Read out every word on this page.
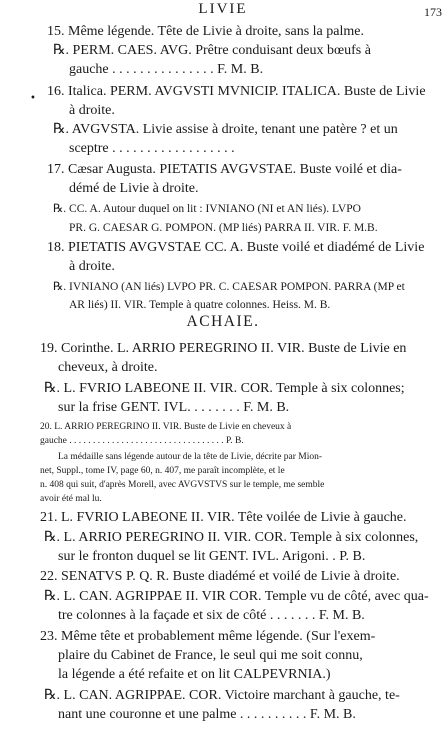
LIVIE	173
•
15. Même légende. Tête de Livie à droite, sans la palme.
℞. PERM. CAES. AVG. Prêtre conduisant deux bœufs à
gauche . . . . . . . . . . . . . . . F. M. B.
16. Italica. PERM. AVGVSTI MVNICIP. ITALICA. Buste de Livie
à droite.
℞. AVGVSTA. Livie assise à droite, tenant une patère ? et un
sceptre . . . . . . . . . . . . . . . . . .
17. Cæsar Augusta. PIETATIS AVGVSTAE. Buste voilé et dia-
démé de Livie à droite.
℞. CC. A. Autour duquel on lit : IVNIANO (NI et AN liés). LVPO
PR. G. CAESAR G. POMPON. (MP liés) PARRA II. VIR. F. M.B.
18. PIETATIS AVGVSTAE CC. A. Buste voilé et diadémé de Livie
à droite.
℞. IVNIANO (AN liés) LVPO PR. C. CAESAR POMPON. PARRA (MP et
AR liés) II. VIR. Temple à quatre colonnes. Heiss. M. B.
ACHAIE.
19. Corinthe. L. ARRIO PEREGRINO II. VIR. Buste de Livie en
cheveux, à droite.
℞. L. FVRIO LABEONE II. VIR. COR. Temple à six colonnes;
sur la frise GENT. IVL. . . . . . . . F. M. B.
20. L. ARRIO PEREGRINO II. VIR. Buste de Livie en cheveux à
gauche . . . . . . . . . . . . . . . . . . . . . . . . . . . . . . . . . P. B.
La médaille sans légende autour de la tête de Livie, décrite par Mion-
net, Suppl., tome IV, page 60, n. 407, me paraît incomplète, et le
n. 408 qui suit, d'après Morell, avec AVGVSTVS sur le temple, me semble
avoir été mal lu.
21. L. FVRIO LABEONE II. VIR. Tête voilée de Livie à gauche.
℞. L. ARRIO PEREGRINO II. VIR. COR. Temple à six colonnes,
sur le fronton duquel se lit GENT. IVL. Arigoni. . P. B.
22. SENATVS P. Q. R. Buste diadémé et voilé de Livie à droite.
℞. L. CAN. AGRIPPAE II. VIR COR. Temple vu de côté, avec qua-
tre colonnes à la façade et six de côté . . . . . . . F. M. B.
23. Même tête et probablement même légende. (Sur l'exem-
plaire du Cabinet de France, le seul qui me soit connu,
la légende a été refaite et on lit CALPEVRNIA.)
℞. L. CAN. AGRIPPAE. COR. Victoire marchant à gauche, te-
nant une couronne et une palme . . . . . . . . . . F. M. B.
